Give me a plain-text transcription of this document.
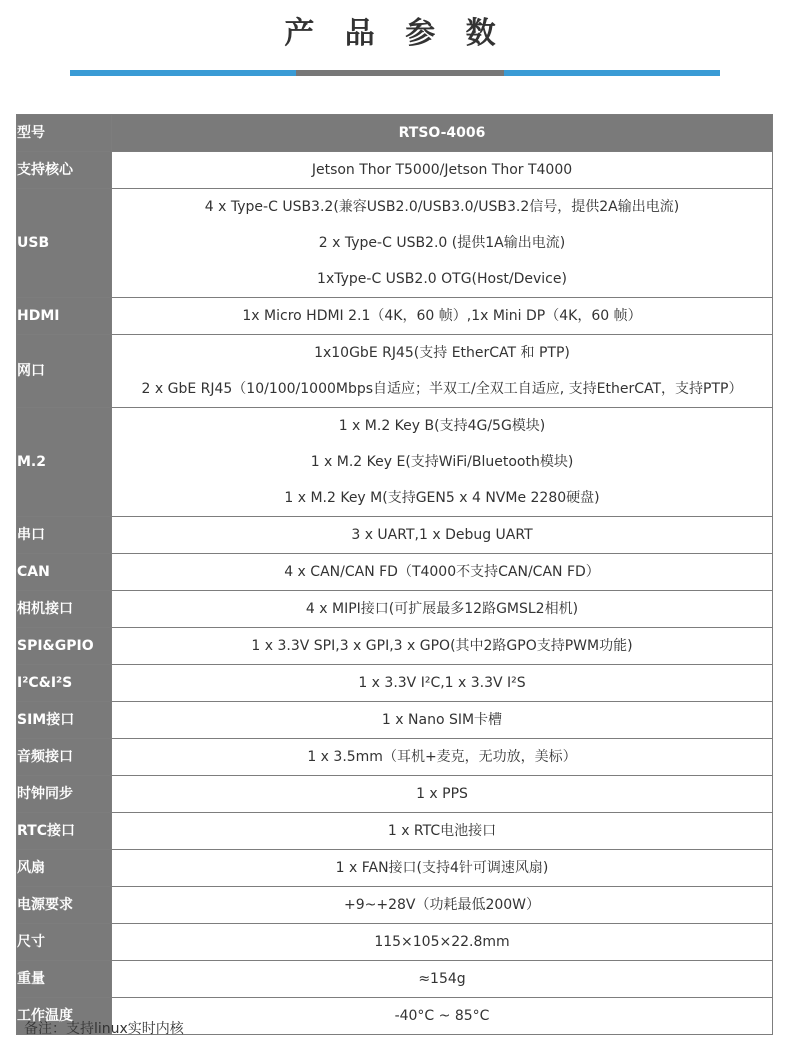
产 品 参 数
型号	RTSO-4006
支持核心	Jetson Thor T5000/Jetson Thor T4000

USB	4 x Type-C USB3.2(兼容USB2.0/USB3.0/USB3.2信号，提供2A输出电流)
2 x Type-C USB2.0 (提供1A输出电流)
1xType-C USB2.0 OTG(Host/Device)

HDMI	1x Micro HDMI 2.1（4K，60 帧）,1x Mini DP（4K，60 帧）

网口	1x10GbE RJ45(支持 EtherCAT 和 PTP)
2 x GbE RJ45（10/100/1000Mbps自适应；半双工/全双工自适应, 支持EtherCAT，支持PTP）

M.2	1 x M.2 Key B(支持4G/5G模块)
1 x M.2 Key E(支持WiFi/Bluetooth模块)
1 x M.2 Key M(支持GEN5 x 4 NVMe 2280硬盘)

串口	3 x UART,1 x Debug UART

CAN	4 x CAN/CAN FD（T4000不支持CAN/CAN FD）

相机接口	4 x MIPI接口(可扩展最多12路GMSL2相机)

SPI&GPIO	1 x 3.3V SPI,3 x GPI,3 x GPO(其中2路GPO支持PWM功能)

I²C&I²S	1 x 3.3V I²C,1 x 3.3V I²S

SIM接口	1 x Nano SIM卡槽

音频接口	1 x 3.5mm（耳机+麦克，无功放，美标）

时钟同步	1 x PPS

RTC接口	1 x RTC电池接口

风扇	1 x FAN接口(支持4针可调速风扇)

电源要求	+9~+28V（功耗最低200W）

尺寸	115×105×22.8mm

重量	≈154g

工作温度	-40°C ~ 85°C
备注：支持linux实时内核
